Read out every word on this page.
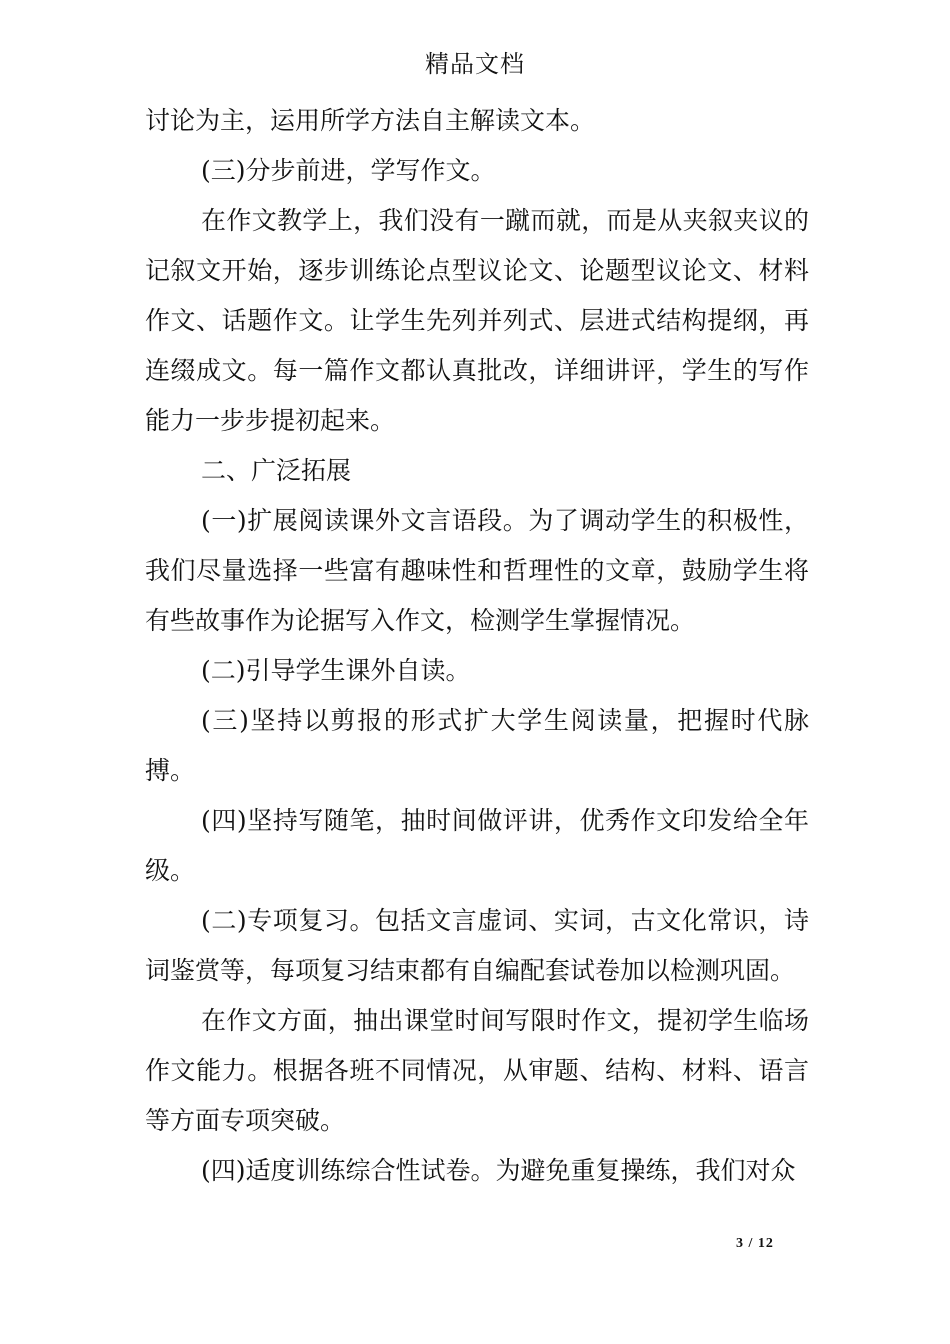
精品文档

讨论为主，运用所学方法自主解读文本。

(三)分步前进，学写作文。

在作文教学上，我们没有一蹴而就，而是从夹叙夹议的记叙文开始，逐步训练论点型议论文、论题型议论文、材料作文、话题作文。让学生先列并列式、层进式结构提纲，再连缀成文。每一篇作文都认真批改，详细讲评，学生的写作能力一步步提初起来。

二、广泛拓展

(一)扩展阅读课外文言语段。为了调动学生的积极性，我们尽量选择一些富有趣味性和哲理性的文章，鼓励学生将有些故事作为论据写入作文，检测学生掌握情况。

(二)引导学生课外自读。

(三)坚持以剪报的形式扩大学生阅读量，把握时代脉搏。

(四)坚持写随笔，抽时间做评讲，优秀作文印发给全年级。

(二)专项复习。包括文言虚词、实词，古文化常识，诗词鉴赏等，每项复习结束都有自编配套试卷加以检测巩固。

在作文方面，抽出课堂时间写限时作文，提初学生临场作文能力。根据各班不同情况，从审题、结构、材料、语言等方面专项突破。

(四)适度训练综合性试卷。为避免重复操练，我们对众

3 / 12
